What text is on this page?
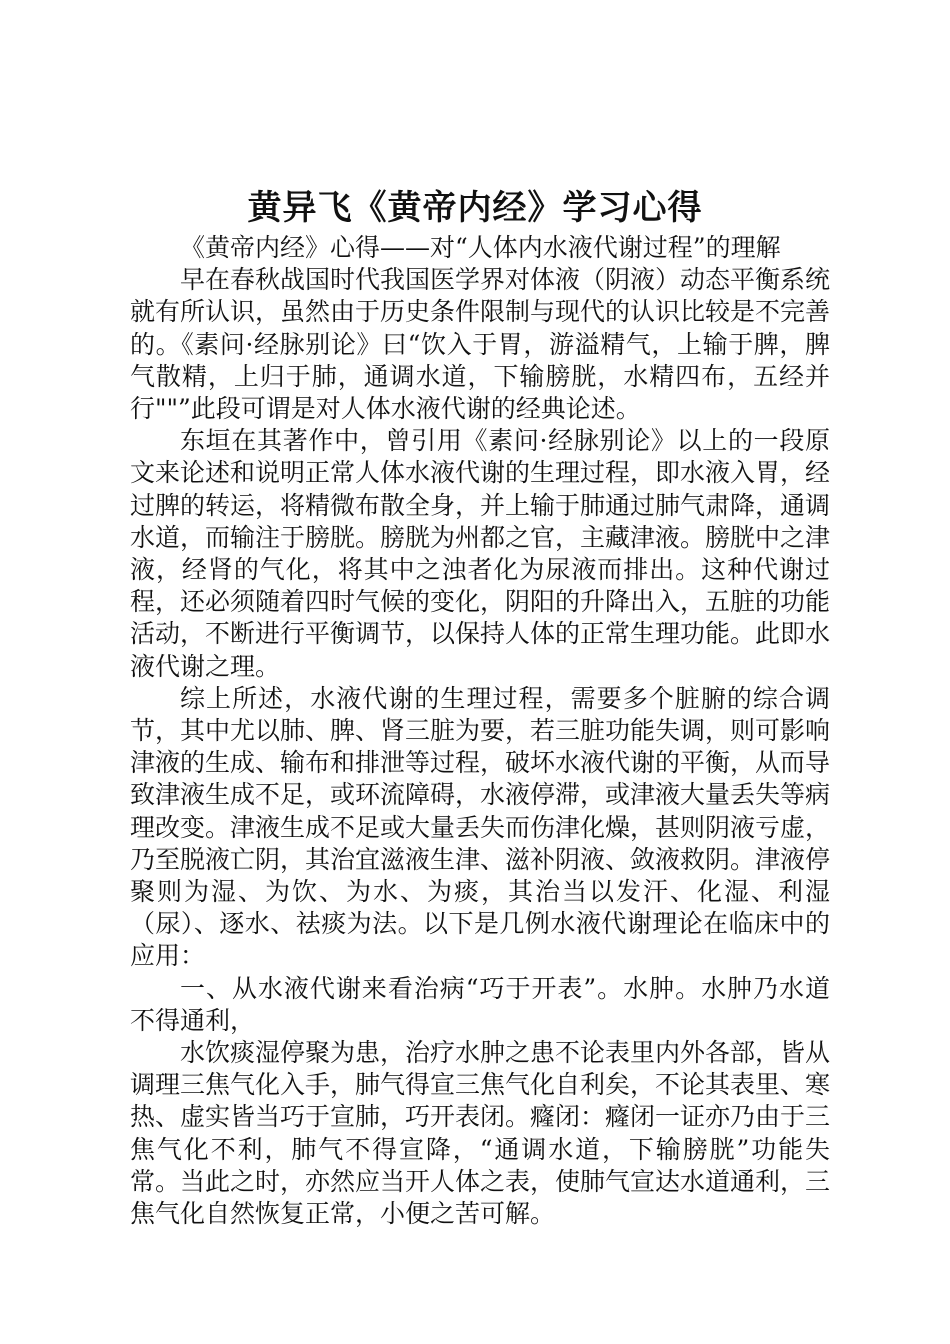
黄异飞《黄帝内经》学习心得

《黄帝内经》心得——对“人体内水液代谢过程”的理解

早在春秋战国时代我国医学界对体液（阴液）动态平衡系统就有所认识，虽然由于历史条件限制与现代的认识比较是不完善的。《素问·经脉别论》曰“饮入于胃，游溢精气，上输于脾，脾气散精，上归于肺，通调水道，下输膀胱，水精四布，五经并行""”此段可谓是对人体水液代谢的经典论述。

东垣在其著作中，曾引用《素问·经脉别论》以上的一段原文来论述和说明正常人体水液代谢的生理过程，即水液入胃，经过脾的转运，将精微布散全身，并上输于肺通过肺气肃降，通调水道，而输注于膀胱。膀胱为州都之官，主藏津液。膀胱中之津液，经肾的气化，将其中之浊者化为尿液而排出。这种代谢过程，还必须随着四时气候的变化，阴阳的升降出入，五脏的功能活动，不断进行平衡调节，以保持人体的正常生理功能。此即水液代谢之理。

综上所述，水液代谢的生理过程，需要多个脏腑的综合调节，其中尤以肺、脾、肾三脏为要，若三脏功能失调，则可影响津液的生成、输布和排泄等过程，破坏水液代谢的平衡，从而导致津液生成不足，或环流障碍，水液停滞，或津液大量丢失等病理改变。津液生成不足或大量丢失而伤津化燥，甚则阴液亏虚，乃至脱液亡阴，其治宜滋液生津、滋补阴液、敛液救阴。津液停聚则为湿、为饮、为水、为痰，其治当以发汗、化湿、利湿（尿）、逐水、祛痰为法。以下是几例水液代谢理论在临床中的应用：

一、从水液代谢来看治病“巧于开表”。水肿。水肿乃水道不得通利，

水饮痰湿停聚为患，治疗水肿之患不论表里内外各部，皆从调理三焦气化入手，肺气得宣三焦气化自利矣，不论其表里、寒热、虚实皆当巧于宣肺，巧开表闭。癃闭：癃闭一证亦乃由于三焦气化不利，肺气不得宣降，“通调水道，下输膀胱”功能失常。当此之时，亦然应当开人体之表，使肺气宣达水道通利，三焦气化自然恢复正常，小便之苦可解。
